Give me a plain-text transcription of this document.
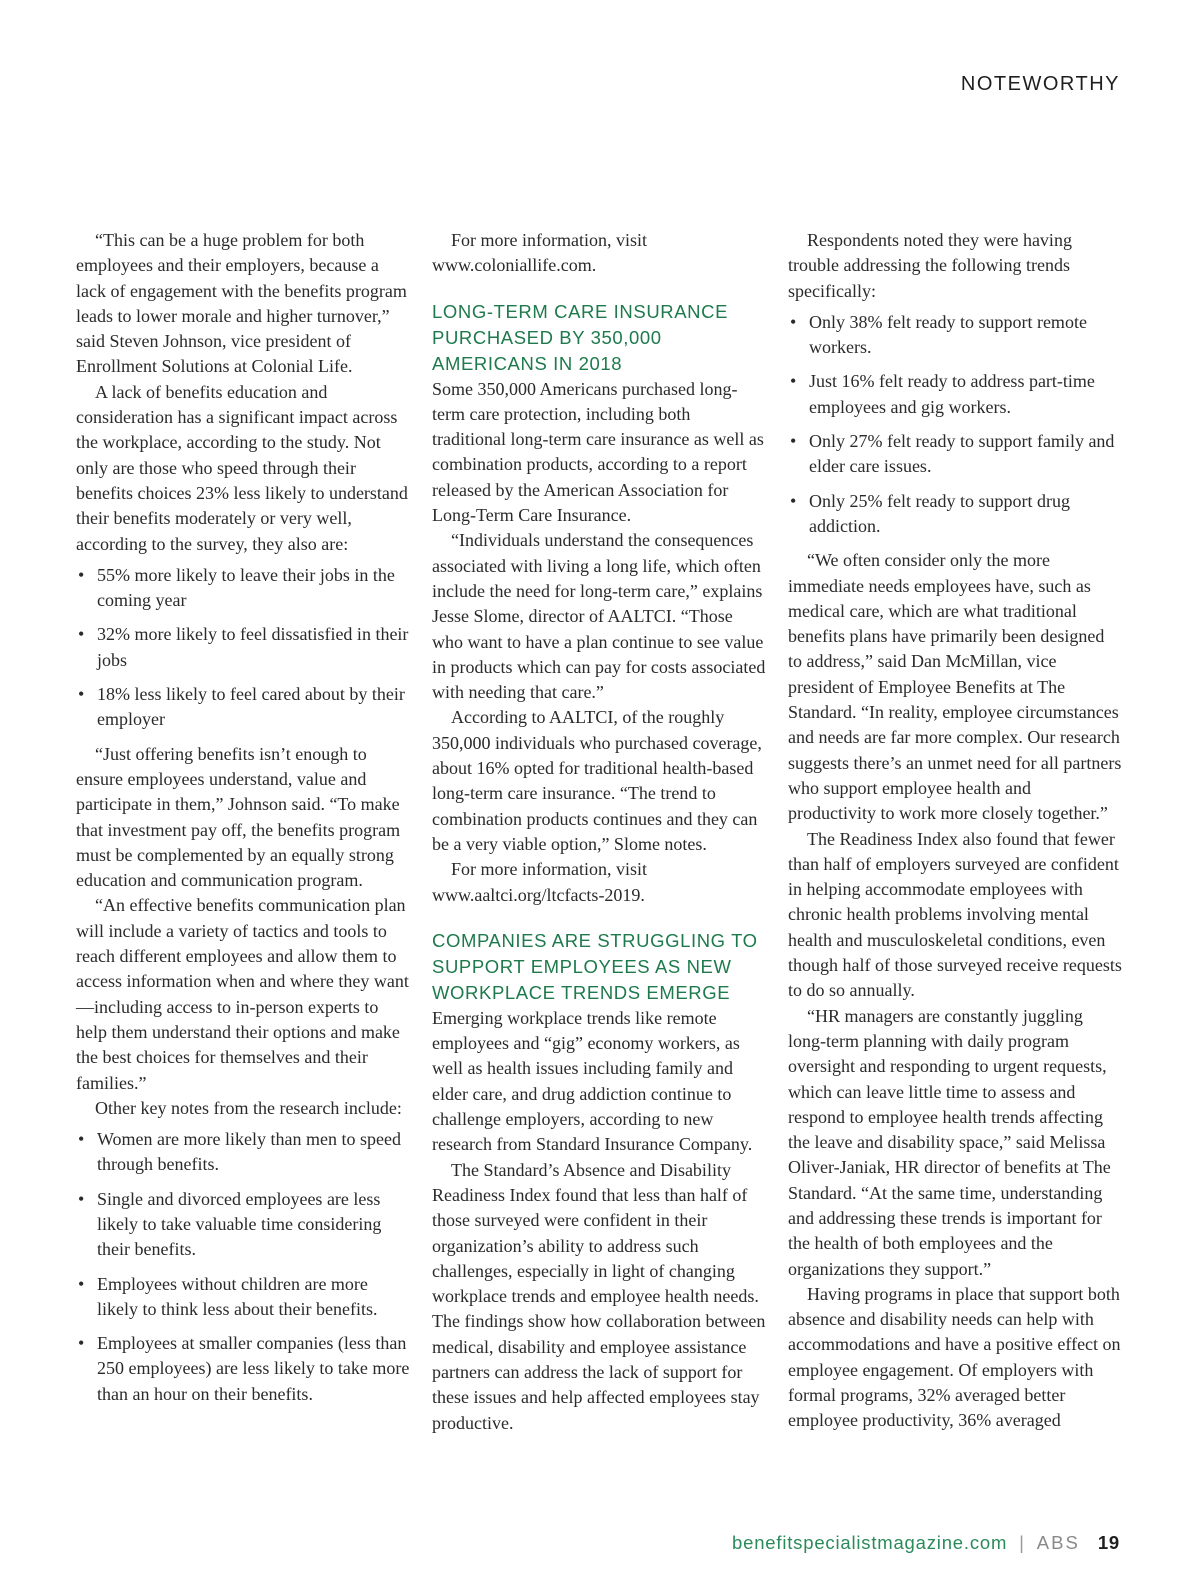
NOTEWORTHY

“This can be a huge problem for both employees and their employers, because a lack of engagement with the benefits program leads to lower morale and higher turnover,” said Steven Johnson, vice president of Enrollment Solutions at Colonial Life.

A lack of benefits education and consideration has a significant impact across the workplace, according to the study. Not only are those who speed through their benefits choices 23% less likely to understand their benefits moderately or very well, according to the survey, they also are:

• 55% more likely to leave their jobs in the coming year
• 32% more likely to feel dissatisfied in their jobs
• 18% less likely to feel cared about by their employer

“Just offering benefits isn’t enough to ensure employees understand, value and participate in them,” Johnson said. “To make that investment pay off, the benefits program must be complemented by an equally strong education and communication program.

“An effective benefits communication plan will include a variety of tactics and tools to reach different employees and allow them to access information when and where they want—including access to in-person experts to help them understand their options and make the best choices for themselves and their families.”

Other key notes from the research include:

• Women are more likely than men to speed through benefits.
• Single and divorced employees are less likely to take valuable time considering their benefits.
• Employees without children are more likely to think less about their benefits.
• Employees at smaller companies (less than 250 employees) are less likely to take more than an hour on their benefits.

For more information, visit www.coloniallife.com.

LONG-TERM CARE INSURANCE PURCHASED BY 350,000 AMERICANS IN 2018

Some 350,000 Americans purchased long-term care protection, including both traditional long-term care insurance as well as combination products, according to a report released by the American Association for Long-Term Care Insurance.

“Individuals understand the consequences associated with living a long life, which often include the need for long-term care,” explains Jesse Slome, director of AALTCI. “Those who want to have a plan continue to see value in products which can pay for costs associated with needing that care.”

According to AALTCI, of the roughly 350,000 individuals who purchased coverage, about 16% opted for traditional health-based long-term care insurance. “The trend to combination products continues and they can be a very viable option,” Slome notes.

For more information, visit www.aaltci.org/ltcfacts-2019.

COMPANIES ARE STRUGGLING TO SUPPORT EMPLOYEES AS NEW WORKPLACE TRENDS EMERGE

Emerging workplace trends like remote employees and “gig” economy workers, as well as health issues including family and elder care, and drug addiction continue to challenge employers, according to new research from Standard Insurance Company.

The Standard’s Absence and Disability Readiness Index found that less than half of those surveyed were confident in their organization’s ability to address such challenges, especially in light of changing workplace trends and employee health needs. The findings show how collaboration between medical, disability and employee assistance partners can address the lack of support for these issues and help affected employees stay productive.

Respondents noted they were having trouble addressing the following trends specifically:

• Only 38% felt ready to support remote workers.
• Just 16% felt ready to address part-time employees and gig workers.
• Only 27% felt ready to support family and elder care issues.
• Only 25% felt ready to support drug addiction.

“We often consider only the more immediate needs employees have, such as medical care, which are what traditional benefits plans have primarily been designed to address,” said Dan McMillan, vice president of Employee Benefits at The Standard. “In reality, employee circumstances and needs are far more complex. Our research suggests there’s an unmet need for all partners who support employee health and productivity to work more closely together.”

The Readiness Index also found that fewer than half of employers surveyed are confident in helping accommodate employees with chronic health problems involving mental health and musculoskeletal conditions, even though half of those surveyed receive requests to do so annually.

“HR managers are constantly juggling long-term planning with daily program oversight and responding to urgent requests, which can leave little time to assess and respond to employee health trends affecting the leave and disability space,” said Melissa Oliver-Janiak, HR director of benefits at The Standard. “At the same time, understanding and addressing these trends is important for the health of both employees and the organizations they support.”

Having programs in place that support both absence and disability needs can help with accommodations and have a positive effect on employee engagement. Of employers with formal programs, 32% averaged better employee productivity, 36% averaged

benefitspecialistmagazine.com | ABS 19
